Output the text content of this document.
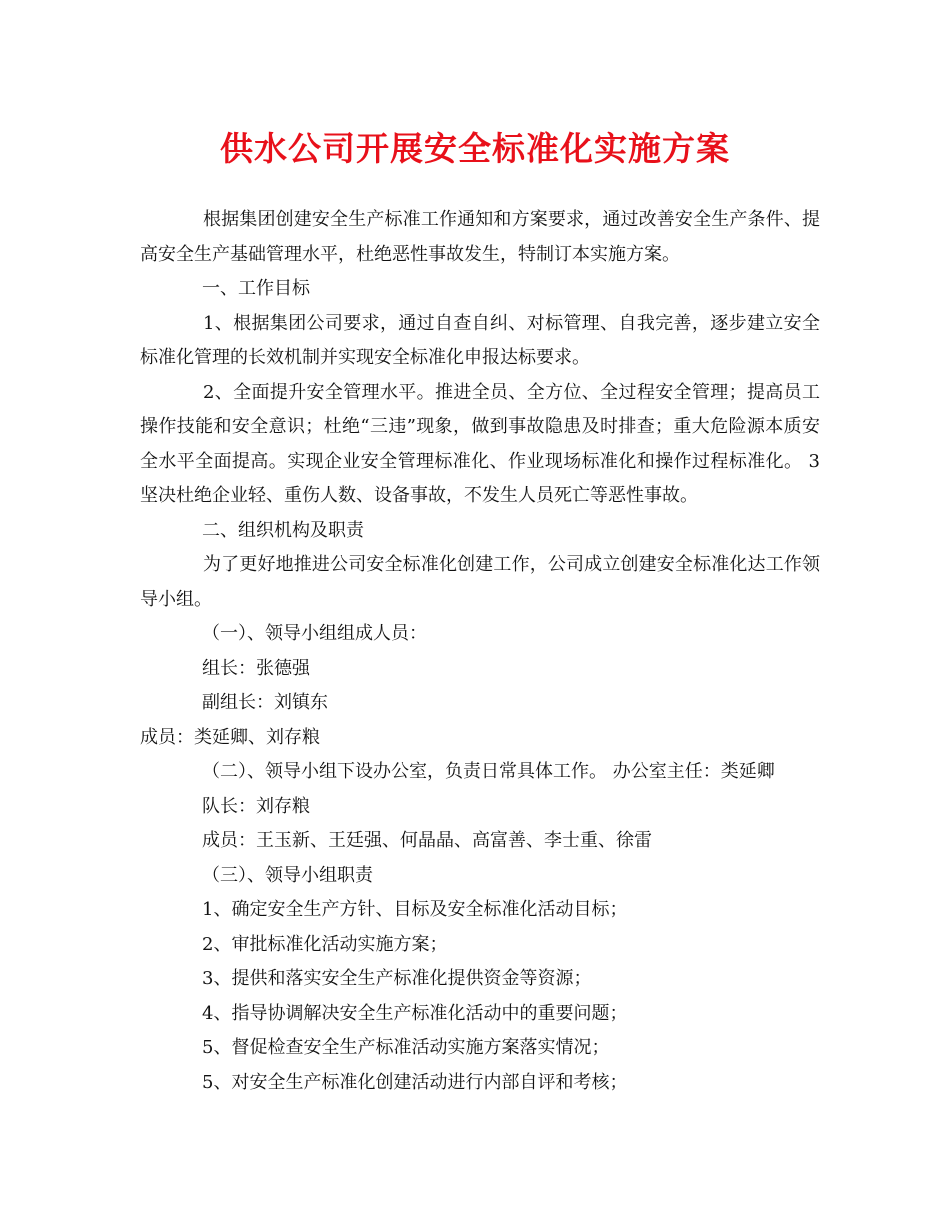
供水公司开展安全标准化实施方案

根据集团创建安全生产标准工作通知和方案要求，通过改善安全生产条件、提高安全生产基础管理水平，杜绝恶性事故发生，特制订本实施方案。

一、工作目标

1、根据集团公司要求，通过自查自纠、对标管理、自我完善，逐步建立安全标准化管理的长效机制并实现安全标准化申报达标要求。

2、全面提升安全管理水平。推进全员、全方位、全过程安全管理；提高员工操作技能和安全意识；杜绝“三违”现象，做到事故隐患及时排查；重大危险源本质安全水平全面提高。实现企业安全管理标准化、作业现场标准化和操作过程标准化。 3坚决杜绝企业轻、重伤人数、设备事故，不发生人员死亡等恶性事故。

二、组织机构及职责

为了更好地推进公司安全标准化创建工作，公司成立创建安全标准化达工作领导小组。

（一）、领导小组组成人员：

组长：张德强

副组长：刘镇东

成员：类延卿、刘存粮

（二）、领导小组下设办公室，负责日常具体工作。 办公室主任：类延卿

队长：刘存粮

成员：王玉新、王廷强、何晶晶、高富善、李士重、徐雷

（三）、领导小组职责

1、确定安全生产方针、目标及安全标准化活动目标；

2、审批标准化活动实施方案；

3、提供和落实安全生产标准化提供资金等资源；

4、指导协调解决安全生产标准化活动中的重要问题；

5、督促检查安全生产标准活动实施方案落实情况；

5、对安全生产标准化创建活动进行内部自评和考核；
